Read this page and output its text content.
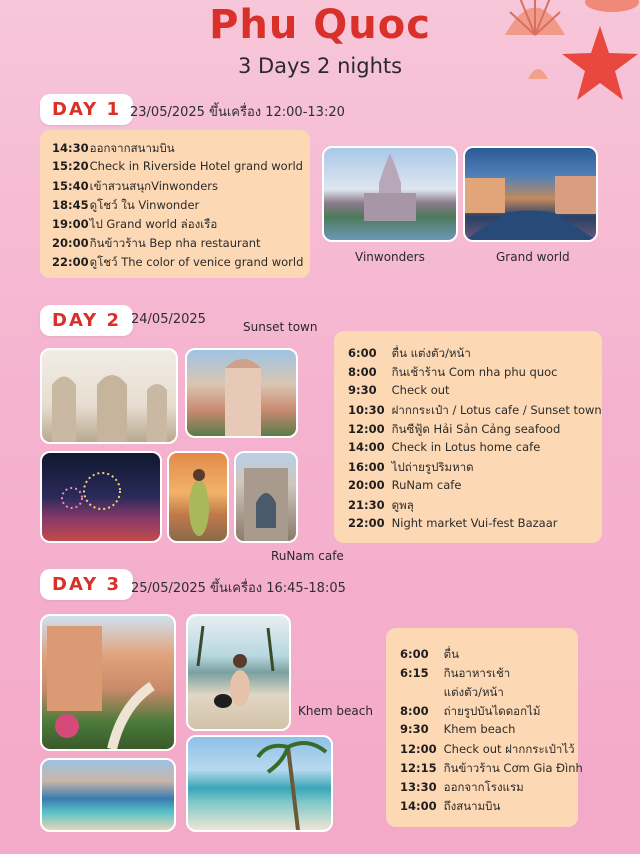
Phu Quoc
3 Days 2 nights
DAY 1 23/05/2025 ขึ้นเครื่อง 12:00-13:20
14:30 ออกจากสนามบิน
15:20 Check in Riverside Hotel grand world
15:40 เข้าสวนสนุกVinwonders
18:45 ดูโชว์ ใน Vinwonder
19:00 ไป Grand world ล่องเรือ
20:00 กินข้าวร้าน Bep nha restaurant
22:00 ดูโชว์ The color of venice grand world	Vinwonders	Grand world
DAY 2 24/05/2025	Sunset town
RuNam cafe
6:00 ตื่น แต่งตัว/หน้า
8:00 กินเช้าร้าน Com nha phu quoc
9:30 Check out
10:30 ฝากกระเป๋า / Lotus cafe / Sunset town
12:00 กินซีฟู้ด Hải Sản Cảng seafood
14:00 Check in Lotus home cafe
16:00 ไปถ่ายรูปริมหาด
20:00 RuNam cafe
21:30 ดูพลุ
22:00 Night market Vui-fest Bazaar
DAY 3 25/05/2025 ขึ้นเครื่อง 16:45-18:05
Khem beach
6:00 ตื่น
6:15 กินอาหารเช้า
แต่งตัว/หน้า
8:00 ถ่ายรูปบันไดดอกไม้
9:30 Khem beach
12:00 Check out ฝากกระเป๋าไว้
12:15 กินข้าวร้าน Cơm Gia Đình
13:30 ออกจากโรงแรม
14:00 ถึงสนามบิน
